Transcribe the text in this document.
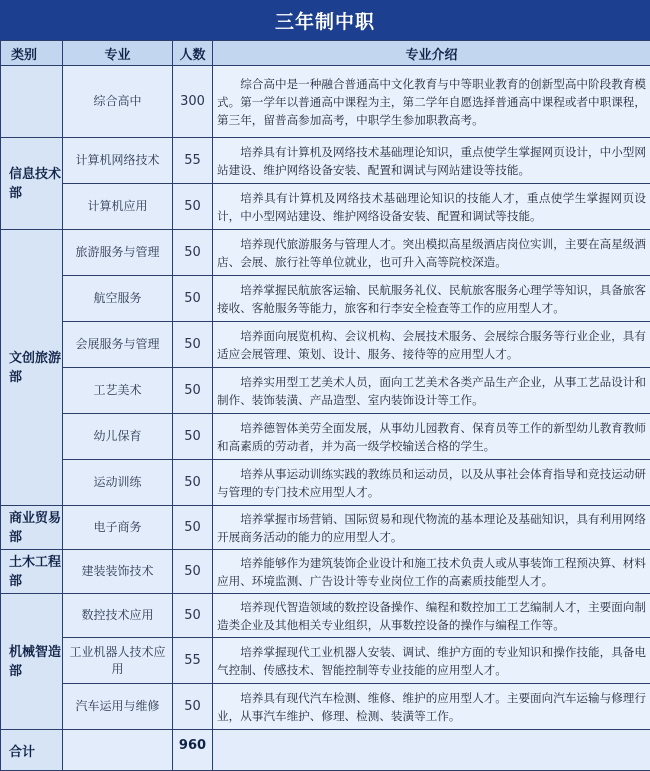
三年制中职
类别	专业	人数	专业介绍
	综合高中	300	综合高中是一种融合普通高中文化教育与中等职业教育的创新型高中阶段教育模式。第一学年以普通高中课程为主，第二学年自愿选择普通高中课程或者中职课程，第三年，留普高参加高考，中职学生参加职教高考。
信息技术部	计算机网络技术	55	培养具有计算机及网络技术基础理论知识，重点使学生掌握网页设计，中小型网站建设、维护网络设备安装、配置和调试与网站建设等技能。
	计算机应用	50	培养具有计算机及网络技术基础理论知识的技能人才，重点使学生掌握网页设计，中小型网站建设、维护网络设备安装、配置和调试等技能。
文创旅游部	旅游服务与管理	50	培养现代旅游服务与管理人才。突出模拟高星级酒店岗位实训，主要在高星级酒店、会展、旅行社等单位就业，也可升入高等院校深造。
	航空服务	50	培养掌握民航旅客运输、民航服务礼仪、民航旅客服务心理学等知识，具备旅客接收、客舱服务等能力，旅客和行李安全检查等工作的应用型人才。
	会展服务与管理	50	培养面向展览机构、会议机构、会展技术服务、会展综合服务等行业企业，具有适应会展管理、策划、设计、服务、接待等的应用型人才。
	工艺美术	50	培养实用型工艺美术人员，面向工艺美术各类产品生产企业，从事工艺品设计和制作、装饰装潢、产品造型、室内装饰设计等工作。
	幼儿保育	50	培养德智体美劳全面发展，从事幼儿园教育、保育员等工作的新型幼儿教育教师和高素质的劳动者，并为高一级学校输送合格的学生。
	运动训练	50	培养从事运动训练实践的教练员和运动员，以及从事社会体育指导和竞技运动研与管理的专门技术应用型人才。
商业贸易部	电子商务	50	培养掌握市场营销、国际贸易和现代物流的基本理论及基础知识，具有利用网络开展商务活动的能力的应用型人才。
土木工程部	建装装饰技术	50	培养能够作为建筑装饰企业设计和施工技术负责人或从事装饰工程预决算、材料应用、环境监测、广告设计等专业岗位工作的高素质技能型人才。
机械智造部	数控技术应用	50	培养现代智造领域的数控设备操作、编程和数控加工工艺编制人才，主要面向制造类企业及其他相关专业组织，从事数控设备的操作与编程工作等。
	工业机器人技术应用	55	培养掌握现代工业机器人安装、调试、维护方面的专业知识和操作技能，具备电气控制、传感技术、智能控制等专业技能的应用型人才。
	汽车运用与维修	50	培养具有现代汽车检测、维修、维护的应用型人才。主要面向汽车运输与修理行业，从事汽车维护、修理、检测、装潢等工作。
合计		960	
